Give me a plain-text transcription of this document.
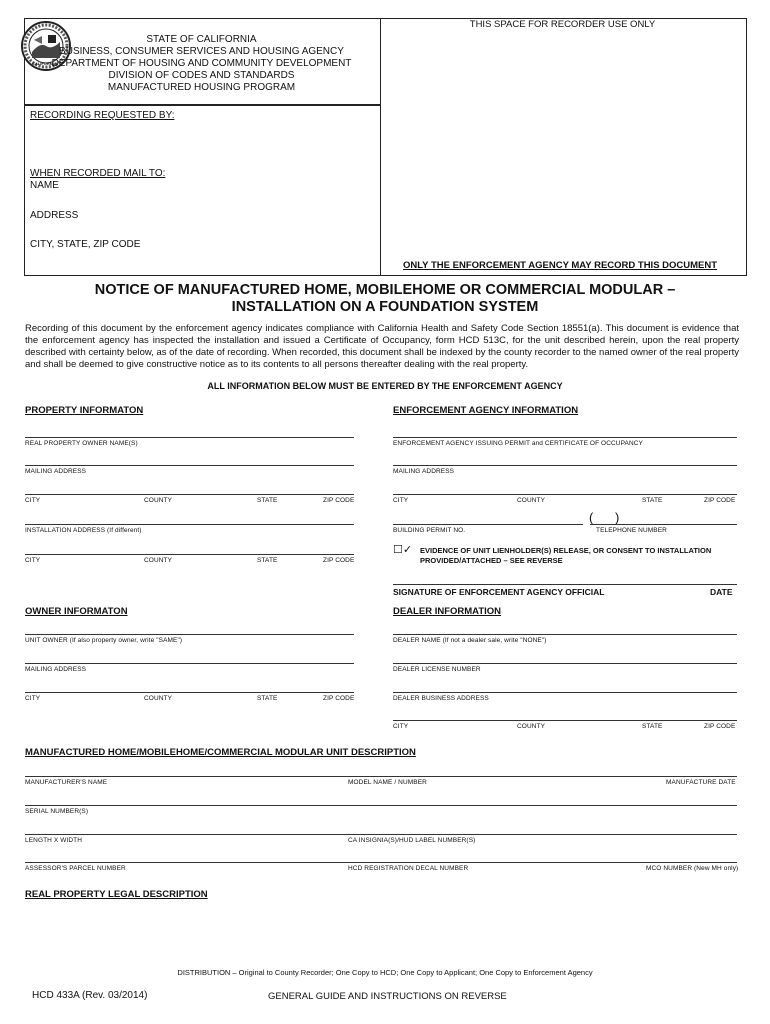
CALIFORNIA
THIS SPACE FOR RECORDER USE ONLY
STATE OF CALIFORNIA
BUSINESS, CONSUMER SERVICES AND HOUSING AGENCY
DEPARTMENT OF HOUSING AND COMMUNITY DEVELOPMENT
DIVISION OF CODES AND STANDARDS
MANUFACTURED HOUSING PROGRAM
RECORDING REQUESTED BY:
WHEN RECORDED MAIL TO:
NAME
ADDRESS
CITY, STATE, ZIP CODE
ONLY THE ENFORCEMENT AGENCY MAY RECORD THIS DOCUMENT
NOTICE OF MANUFACTURED HOME, MOBILEHOME OR COMMERCIAL MODULAR –
INSTALLATION ON A FOUNDATION SYSTEM
Recording of this document by the enforcement agency indicates compliance with California Health and Safety Code Section 18551(a). This document is evidence that the enforcement agency has inspected the installation and issued a Certificate of Occupancy, form HCD 513C, for the unit described herein, upon the real property described with certainty below, as of the date of recording. When recorded, this document shall be indexed by the county recorder to the named owner of the real property and shall be deemed to give constructive notice as to its contents to all persons thereafter dealing with the real property.
ALL INFORMATION BELOW MUST BE ENTERED BY THE ENFORCEMENT AGENCY
PROPERTY INFORMATON	ENFORCEMENT AGENCY INFORMATION
REAL PROPERTY OWNER NAME(S)
MAILING ADDRESS
CITY	COUNTY	STATE	ZIP CODE
INSTALLATION ADDRESS (If different)
CITY	COUNTY	STATE	ZIP CODE
ENFORCEMENT AGENCY ISSUING PERMIT and CERTIFICATE OF OCCUPANCY
MAILING ADDRESS
CITY	COUNTY	STATE	ZIP CODE
(      )
BUILDING PERMIT NO.	TELEPHONE NUMBER
☐✓ EVIDENCE OF UNIT LIENHOLDER(S) RELEASE, OR CONSENT TO INSTALLATION
PROVIDED/ATTACHED – SEE REVERSE
SIGNATURE OF ENFORCEMENT AGENCY OFFICIAL	DATE
OWNER INFORMATON	DEALER INFORMATION
UNIT OWNER (If also property owner, write "SAME")
MAILING ADDRESS
CITY	COUNTY	STATE	ZIP CODE
DEALER NAME (If not a dealer sale, write "NONE")
DEALER LICENSE NUMBER
DEALER BUSINESS ADDRESS
CITY	COUNTY	STATE	ZIP CODE
MANUFACTURED HOME/MOBILEHOME/COMMERCIAL MODULAR UNIT DESCRIPTION
MANUFACTURER'S NAME	MODEL NAME / NUMBER	MANUFACTURE DATE
SERIAL NUMBER(S)
LENGTH X WIDTH	CA INSIGNIA(S)/HUD LABEL NUMBER(S)
ASSESSOR'S PARCEL NUMBER	HCD REGISTRATION DECAL NUMBER	MCO NUMBER (New MH only)
REAL PROPERTY LEGAL DESCRIPTION
DISTRIBUTION – Original to County Recorder; One Copy to HCD; One Copy to Applicant; One Copy to Enforcement Agency
HCD 433A (Rev. 03/2014)	GENERAL GUIDE AND INSTRUCTIONS ON REVERSE
